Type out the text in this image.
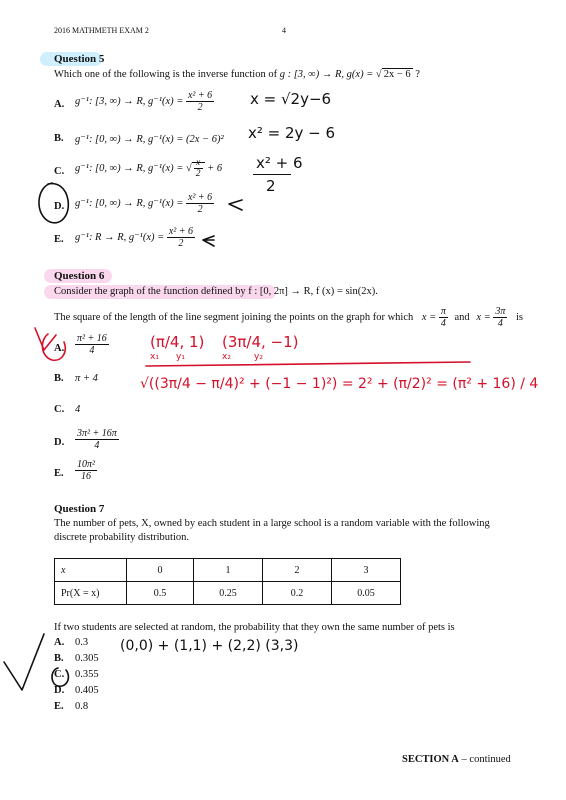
2016 MATHMETH EXAM 2	4
Question 5
Which one of the following is the inverse function of g : [3, ∞) → R, g(x) = √ 2x − 6 ?
A. g⁻¹: [3, ∞) → R, $g^{-1}(x) = \frac{\text{x² + 6}}{2}$
B. g⁻¹: [0, ∞) → R, g⁻¹(x) = (2x − 6)²
C. g⁻¹: [0, ∞) → R, g⁻¹(x) = √ $\frac{x}{2} + 6$
D. g⁻¹: [0, ∞) → R, $g^{-1}(x) = \frac{\text{x² + 6}}{2}$
E. g⁻¹: R → R, $g^{-1}(x) = \frac{\text{x² + 6}}{2}$
x = √2y−6
x² = 2y − 6
x² + 6
2
Question 6
Consider the graph of the function defined by f : [0, 2π] → R, f (x) = sin(2x).
The square of the length of the line segment joining the points on the graph for which $x = \frac{\pi}{4}$ and $x = \frac{3\pi}{4}$ is
A. $\frac{\text{π² + 16}}{4}$
B. π + 4
C. 4
D. $\frac{\text{3π² + 16π}}{4}$
E. $\frac{\text{10π²}}{16}$
(π/4, 1) (3π/4, −1)
x₁ y₁	x₂	y₂
√((3π/4 − π/4)² + (−1 − 1)²) = 2² + (π/2)² = (π² + 16) / 4
Question 7
The number of pets, X, owned by each student in a large school is a random variable with the following
discrete probability distribution.
x	0	1	2	3
Pr(X = x)	0.5	0.25	0.2	0.05
If two students are selected at random, the probability that they own the same number of pets is
A. 0.3
B. 0.305
C. 0.355
D. 0.405
E. 0.8
(0,0) + (1,1) + (2,2) (3,3)
SECTION A – continued
